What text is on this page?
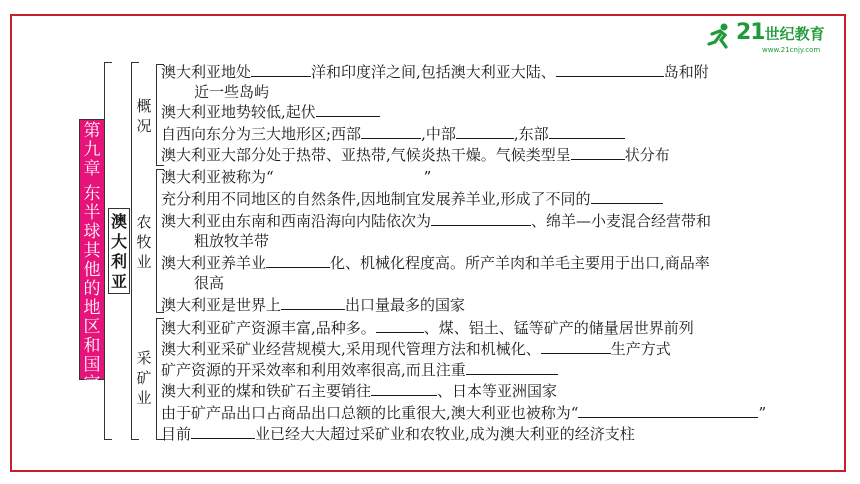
21世纪教育
www.21cnjy.com
第
九
章
东
半
球
其
他
的
地
区
和
国
家
澳
大
利
亚
概
况
农
牧
业
采
矿
业
澳大利亚地处	洋和印度洋之间,包括澳大利亚大陆、	岛和附
近一些岛屿
澳大利亚地势较低,起伏
自西向东分为三大地形区;西部	,中部	,东部
澳大利亚大部分处于热带、亚热带,气候炎热干燥。气候类型呈	状分布
澳大利亚被称为“	”
充分利用不同地区的自然条件,因地制宜发展养羊业,形成了不同的
澳大利亚由东南和西南沿海向内陆依次为	、绵羊—小麦混合经营带和
粗放牧羊带
澳大利亚养羊业	化、机械化程度高。所产羊肉和羊毛主要用于出口,商品率
很高
澳大利亚是世界上	出口量最多的国家
澳大利亚矿产资源丰富,品种多。	、煤、铝土、锰等矿产的储量居世界前列
澳大利亚采矿业经营规模大,采用现代管理方法和机械化、	生产方式
矿产资源的开采效率和利用效率很高,而且注重
澳大利亚的煤和铁矿石主要销往	、日本等亚洲国家
由于矿产品出口占商品出口总额的比重很大,澳大利亚也被称为“	”
目前	业已经大大超过采矿业和农牧业,成为澳大利亚的经济支柱
